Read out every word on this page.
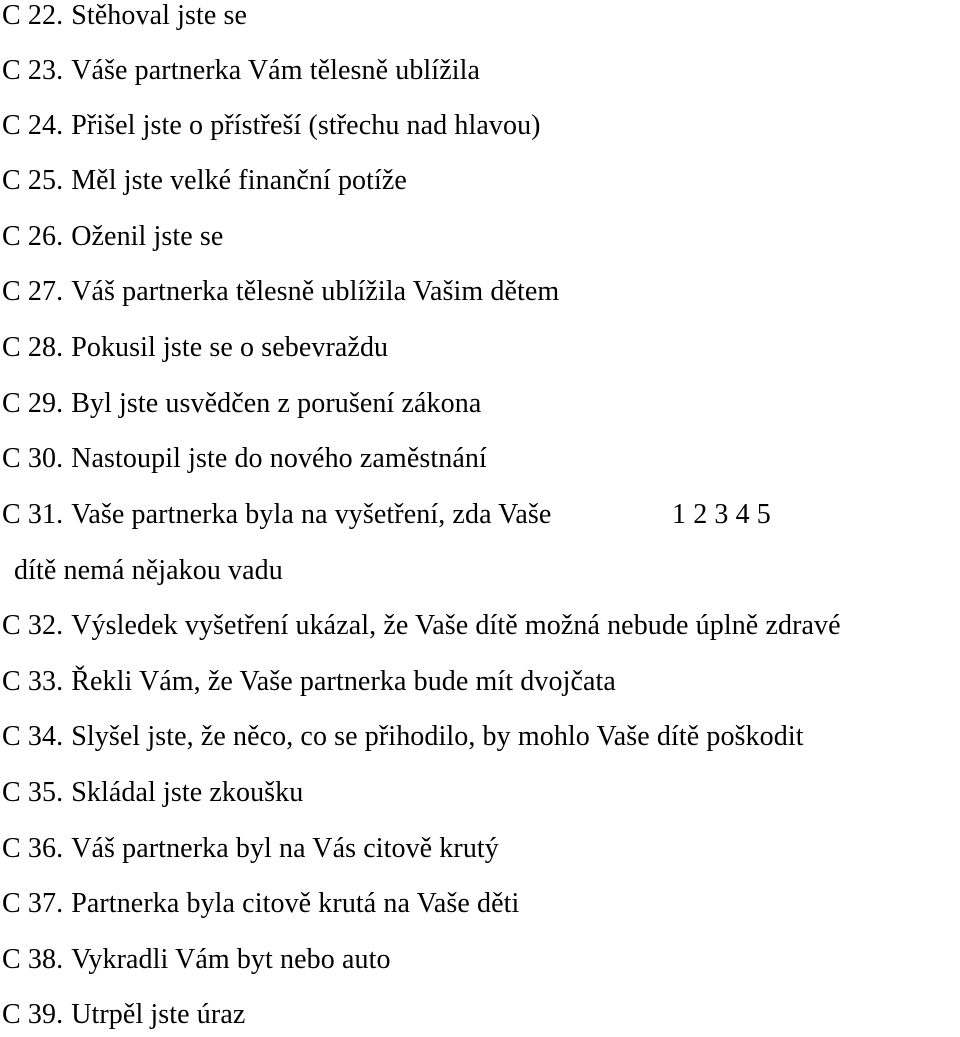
C 22. Stěhoval jste se
C 23. Váše partnerka Vám tělesně ublížila
C 24. Přišel jste o přístřeší (střechu nad hlavou)
C 25. Měl jste velké finanční potíže
C 26. Oženil jste se
C 27. Váš partnerka tělesně ublížila Vašim dětem
C 28. Pokusil jste se o sebevraždu
C 29. Byl jste usvědčen z porušení zákona
C 30. Nastoupil jste do nového zaměstnání
C 31. Vaše partnerka byla na vyšetření, zda Vaše	1 2 3 4 5
dítě nemá nějakou vadu
C 32. Výsledek vyšetření ukázal, že Vaše dítě možná nebude úplně zdravé
C 33. Řekli Vám, že Vaše partnerka bude mít dvojčata
C 34. Slyšel jste, že něco, co se přihodilo, by mohlo Vaše dítě poškodit
C 35. Skládal jste zkoušku
C 36. Váš partnerka byl na Vás citově krutý
C 37. Partnerka byla citově krutá na Vaše děti
C 38. Vykradli Vám byt nebo auto
C 39. Utrpěl jste úraz
